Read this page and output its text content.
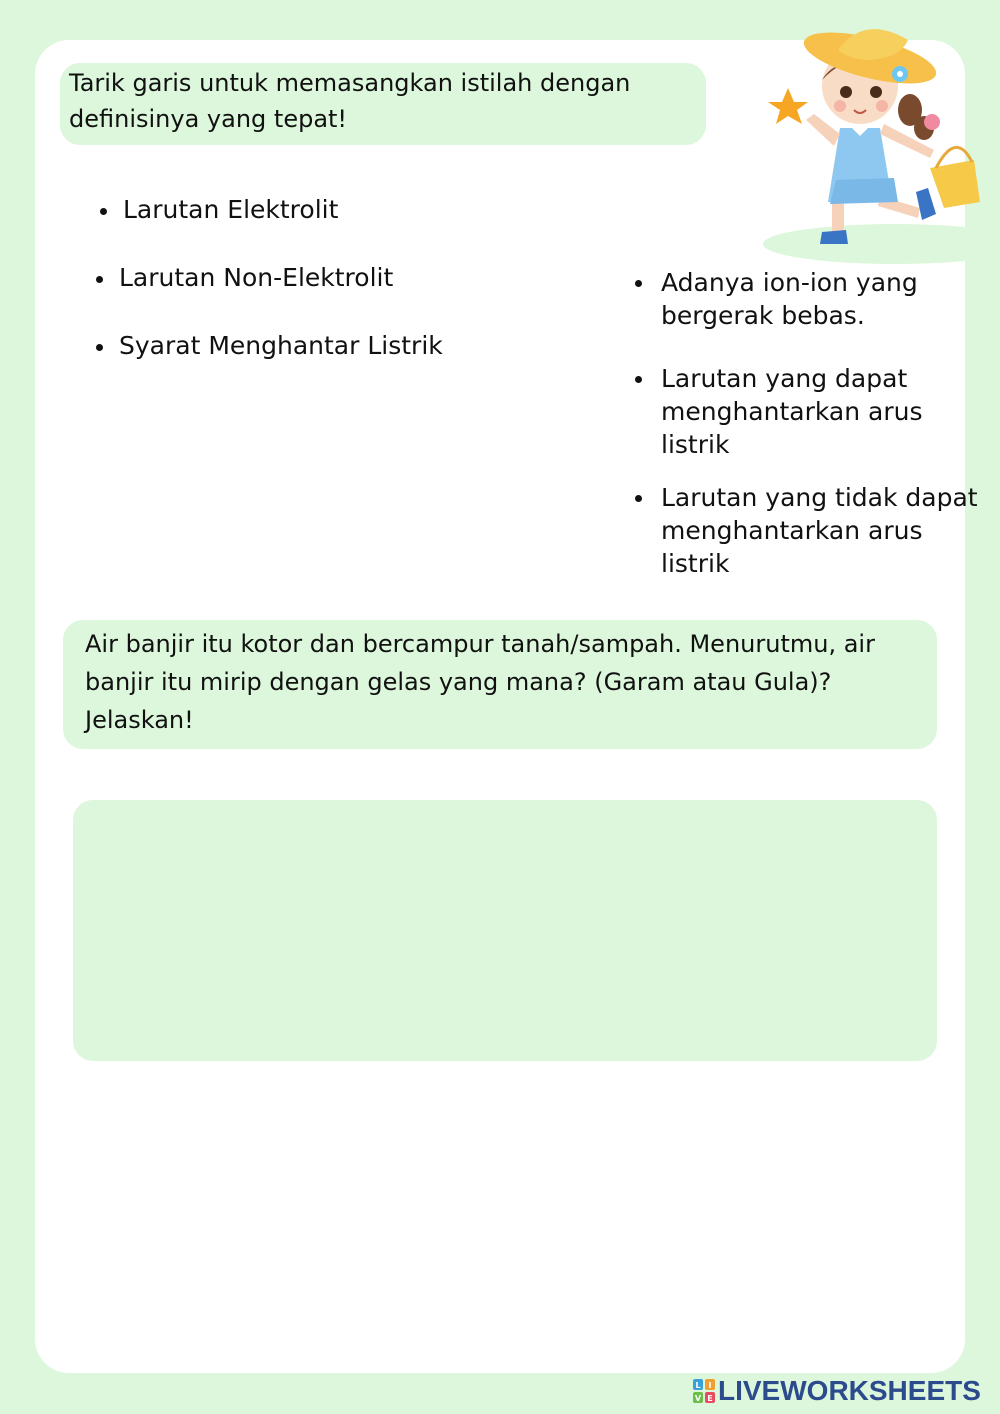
Tarik garis untuk memasangkan istilah dengan definisinya yang tepat!
Larutan Elektrolit
Larutan Non-Elektrolit
Syarat Menghantar Listrik
Adanya ion-ion yang bergerak bebas.
Larutan yang dapat menghantarkan arus listrik
Larutan yang tidak dapat menghantarkan arus listrik
Air banjir itu kotor dan bercampur tanah/sampah. Menurutmu, air banjir itu mirip dengan gelas yang mana? (Garam atau Gula)? Jelaskan!
L I
V E LIVEWORKSHEETS
